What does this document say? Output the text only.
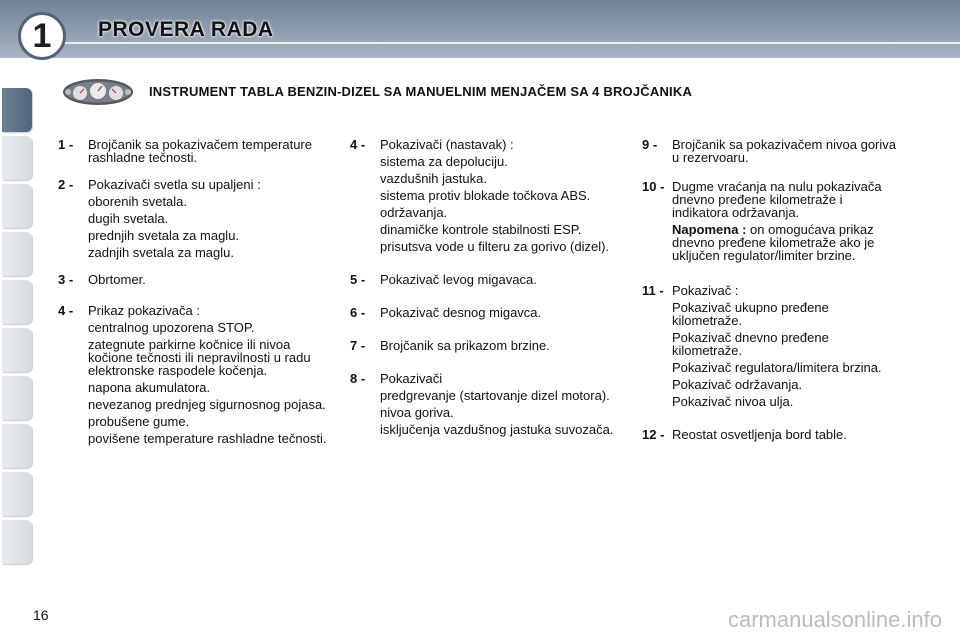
1	PROVERA RADA
INSTRUMENT TABLA BENZIN-DIZEL SA MANUELNIM MENJAČEM SA 4 BROJČANIKA
1 - Brojčanik sa pokazivačem temperature rashladne tečnosti.
2 - Pokazivači svetla su upaljeni :
oborenih svetala.
dugih svetala.
prednjih svetala za maglu.
zadnjih svetala za maglu.
3 - Obrtomer.
4 - Prikaz pokazivača :
centralnog upozorena STOP.
zategnute parkirne kočnice ili nivoa kočione tečnosti ili nepravilnosti u radu elektronske raspodele kočenja.
napona akumulatora.
nevezanog prednjeg sigurnosnog pojasa.
probušene gume.
povišene temperature rashladne tečnosti.
4 - Pokazivači (nastavak) :
sistema za depoluciju.
vazdušnih jastuka.
sistema protiv blokade točkova ABS.
održavanja.
dinamičke kontrole stabilnosti ESP.
prisutsva vode u filteru za gorivo (dizel).
5 - Pokazivač levog migavaca.
6 - Pokazivač desnog migavca.
7 - Brojčanik sa prikazom brzine.
8 - Pokazivači
predgrevanje (startovanje dizel motora).
nivoa goriva.
isključenja vazdušnog jastuka suvozača.
9 - Brojčanik sa pokazivačem nivoa goriva u rezervoaru.
10 - Dugme vraćanja na nulu pokazivača dnevno pređene kilometraže i indikatora održavanja.
Napomena : on omogućava prikaz dnevno pređene kilometraže ako je uključen regulator/limiter brzine.
11 - Pokazivač :
Pokazivač ukupno pređene kilometraže.
Pokazivač dnevno pređene kilometraže.
Pokazivač regulatora/limitera brzina.
Pokazivač održavanja.
Pokazivač nivoa ulja.
12 - Reostat osvetljenja bord table.
16	carmanualsonline.info
